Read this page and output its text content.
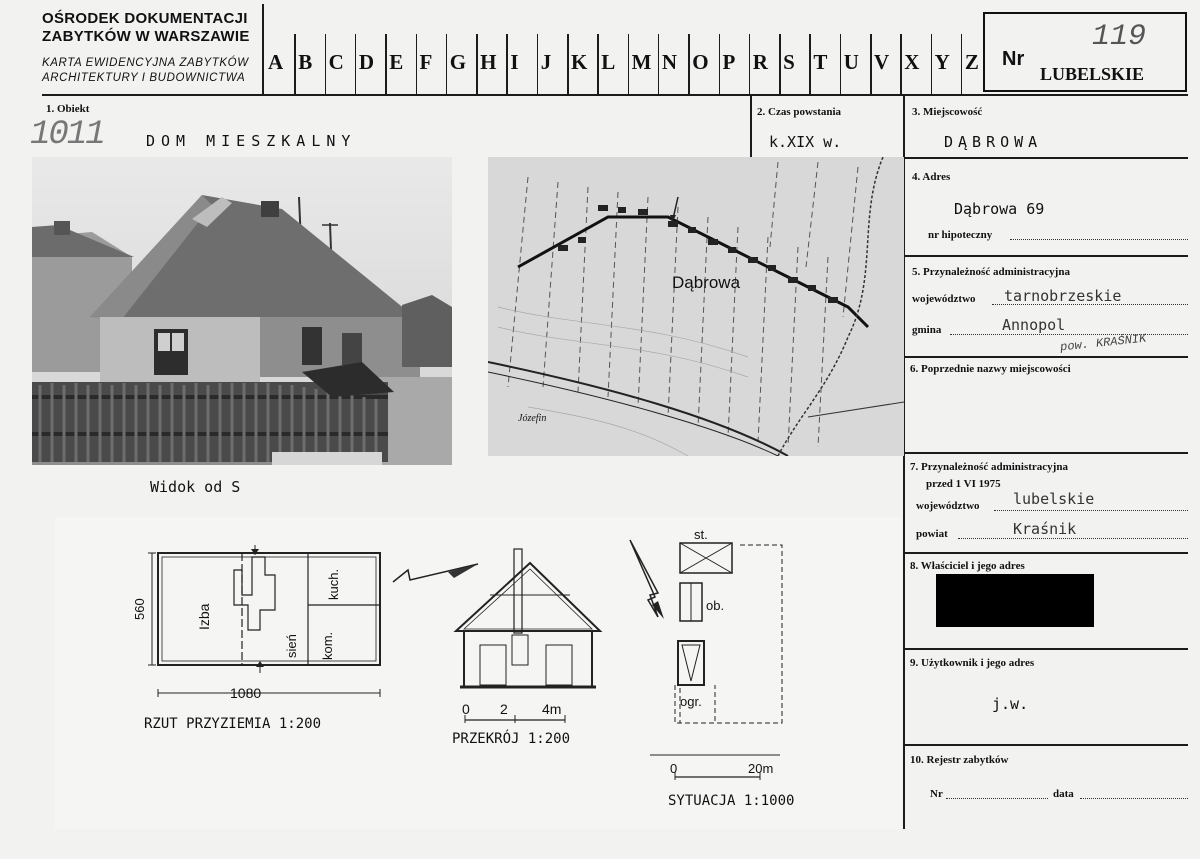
OŚRODEK DOKUMENTACJI
ZABYTKÓW W WARSZAWIE
KARTA EWIDENCYJNA ZABYTKÓW
ARCHITEKTURY I BUDOWNICTWA
A B C D E F G H I J K L M N O P R S T U V X Y Z Nr
119
LUBELSKIE
1. Obiekt
1011	DOM MIESZKALNY
2. Czas powstania
k.XIX w.
3. Miejscowość
DĄBROWA
4. Adres
Dąbrowa 69
nr hipoteczny
5. Przynależność administracyjna
województwo tarnobrzeskie
gmina	Annopol
pow. KRAŚNIK
6. Poprzednie nazwy miejscowości
7. Przynależność administracyjna
przed 1 VI 1975
województwo lubelskie
powiat	Kraśnik
8. Właściciel i jego adres
9. Użytkownik i jego adres
j.w.
10. Rejestr zabytków
Nr	data
Widok od S
Dąbrowa
Józefin
1080
560	Izba
sień
kuch.
kom.
RZUT PRZYZIEMIA 1:200
0 2 4m
PRZEKRÓJ 1:200
st.
ob.
ogr.
0	20m
SYTUACJA 1:1000
